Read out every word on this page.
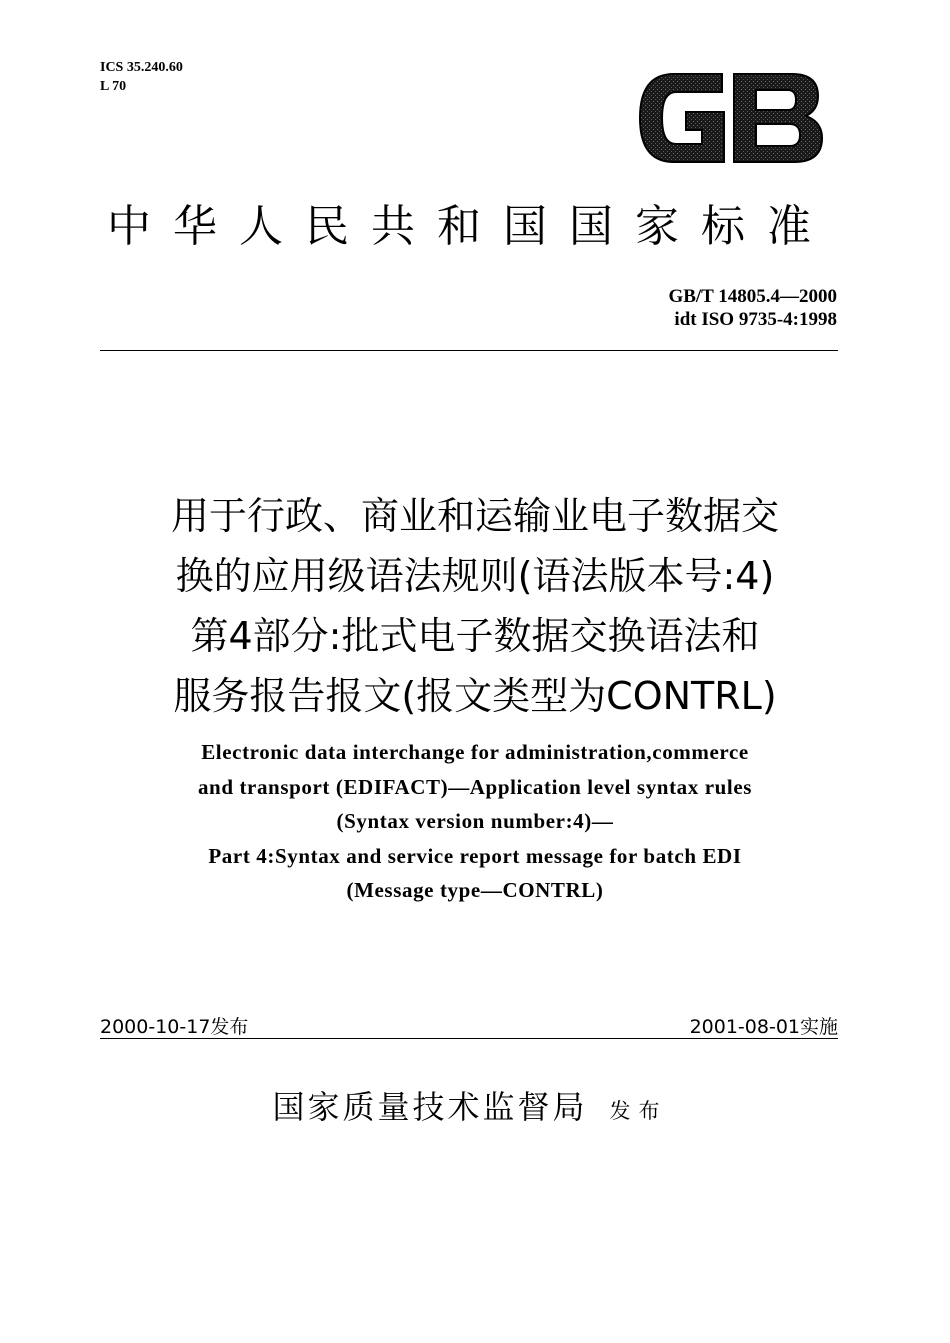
ICS 35.240.60
L 70
GB
中华人民共和国国家标准
GB/T 14805.4—2000
idt ISO 9735-4:1998
用于行政、商业和运输业电子数据交
换的应用级语法规则(语法版本号:4)
第4部分:批式电子数据交换语法和
服务报告报文(报文类型为CONTRL)
Electronic data interchange for administration,commerce
and transport (EDIFACT)—Application level syntax rules
(Syntax version number:4)—
Part 4:Syntax and service report message for batch EDI
(Message type—CONTRL)
2000-10-17发布	2001-08-01实施
国家质量技术监督局 发布
